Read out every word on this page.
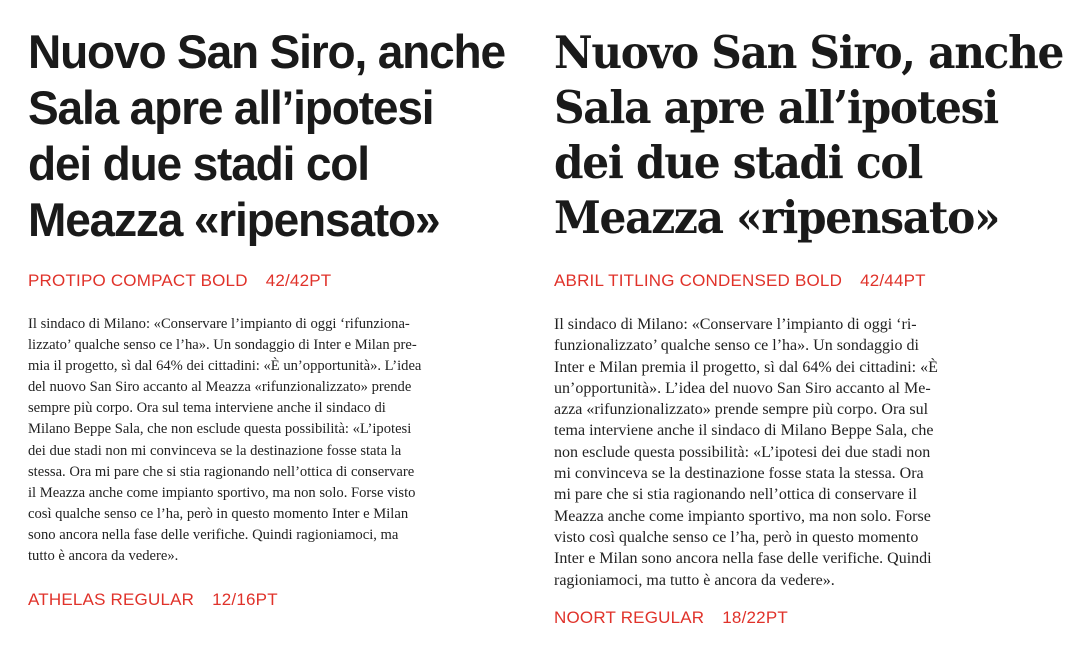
Nuovo San Siro, anche
Sala apre all’ipotesi
dei due stadi col
Meazza «ripensato»

PROTIPO COMPACT BOLD 42/42PT

Il sindaco di Milano: «Conservare l’impianto di oggi ‘rifunziona-
lizzato’ qualche senso ce l’ha». Un sondaggio di Inter e Milan pre-
mia il progetto, sì dal 64% dei cittadini: «È un’opportunità». L’idea
del nuovo San Siro accanto al Meazza «rifunzionalizzato» prende
sempre più corpo. Ora sul tema interviene anche il sindaco di
Milano Beppe Sala, che non esclude questa possibilità: «L’ipotesi
dei due stadi non mi convinceva se la destinazione fosse stata la
stessa. Ora mi pare che si stia ragionando nell’ottica di conservare
il Meazza anche come impianto sportivo, ma non solo. Forse visto
così qualche senso ce l’ha, però in questo momento Inter e Milan
sono ancora nella fase delle verifiche. Quindi ragioniamoci, ma
tutto è ancora da vedere».

ATHELAS REGULAR 12/16PT

Nuovo San Siro, anche
Sala apre all’ipotesi
dei due stadi col
Meazza «ripensato»

ABRIL TITLING CONDENSED BOLD 42/44PT

Il sindaco di Milano: «Conservare l’impianto di oggi ‘ri-
funzionalizzato’ qualche senso ce l’ha». Un sondaggio di
Inter e Milan premia il progetto, sì dal 64% dei cittadini: «È
un’opportunità». L’idea del nuovo San Siro accanto al Me-
azza «rifunzionalizzato» prende sempre più corpo. Ora sul
tema interviene anche il sindaco di Milano Beppe Sala, che
non esclude questa possibilità: «L’ipotesi dei due stadi non
mi convinceva se la destinazione fosse stata la stessa. Ora
mi pare che si stia ragionando nell’ottica di conservare il
Meazza anche come impianto sportivo, ma non solo. Forse
visto così qualche senso ce l’ha, però in questo momento
Inter e Milan sono ancora nella fase delle verifiche. Quindi
ragioniamoci, ma tutto è ancora da vedere».

NOORT REGULAR 18/22PT
